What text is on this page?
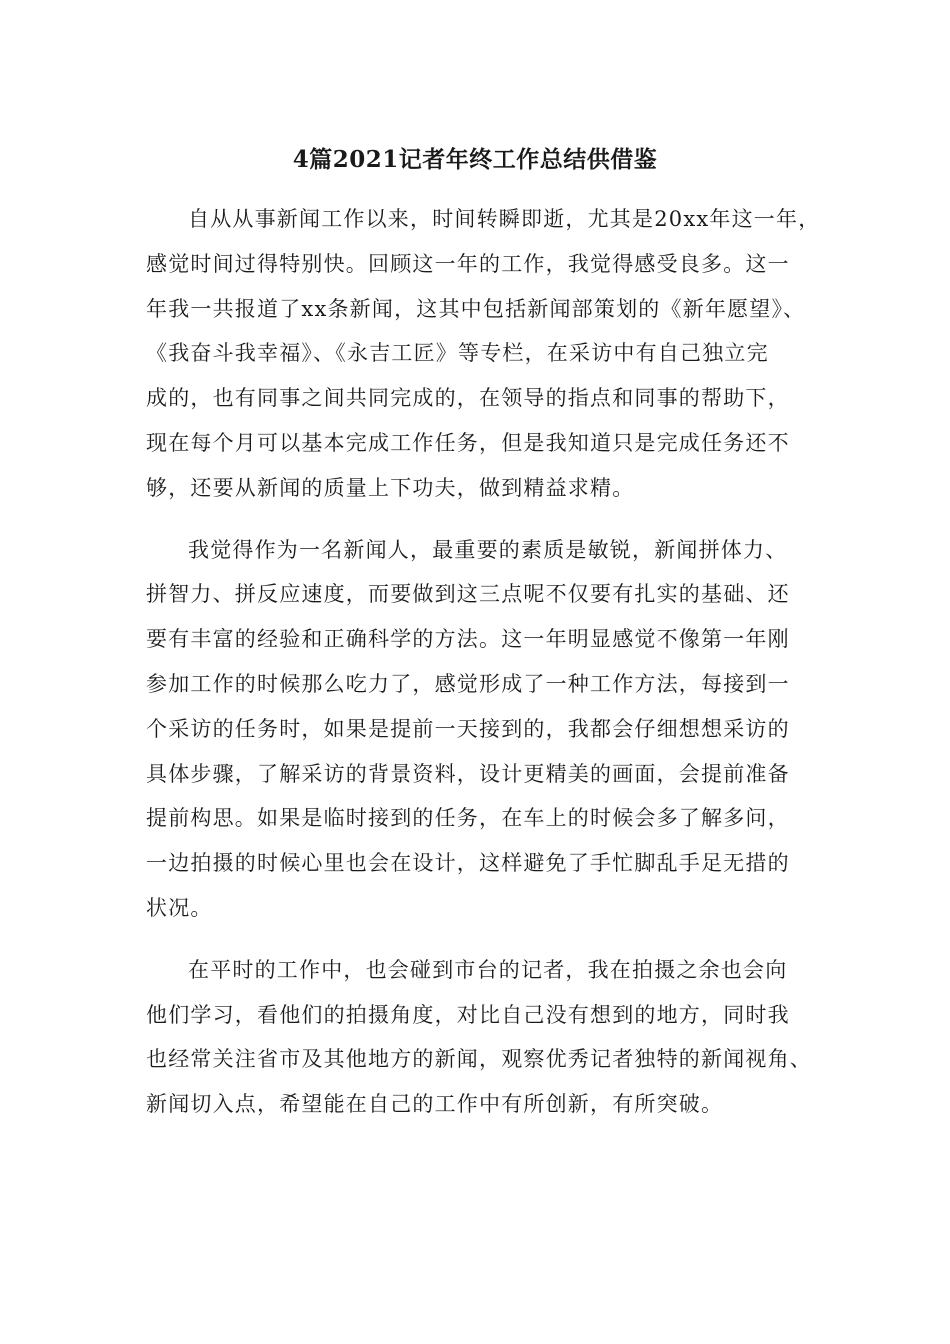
4篇2021记者年终工作总结供借鉴
自从从事新闻工作以来，时间转瞬即逝，尤其是20xx年这一年，
感觉时间过得特别快。回顾这一年的工作，我觉得感受良多。这一
年我一共报道了xx条新闻，这其中包括新闻部策划的《新年愿望》、
《我奋斗我幸福》、《永吉工匠》等专栏，在采访中有自己独立完
成的，也有同事之间共同完成的，在领导的指点和同事的帮助下，
现在每个月可以基本完成工作任务，但是我知道只是完成任务还不
够，还要从新闻的质量上下功夫，做到精益求精。
我觉得作为一名新闻人，最重要的素质是敏锐，新闻拼体力、
拼智力、拼反应速度，而要做到这三点呢不仅要有扎实的基础、还
要有丰富的经验和正确科学的方法。这一年明显感觉不像第一年刚
参加工作的时候那么吃力了，感觉形成了一种工作方法，每接到一
个采访的任务时，如果是提前一天接到的，我都会仔细想想采访的
具体步骤，了解采访的背景资料，设计更精美的画面，会提前准备
提前构思。如果是临时接到的任务，在车上的时候会多了解多问，
一边拍摄的时候心里也会在设计，这样避免了手忙脚乱手足无措的
状况。
在平时的工作中，也会碰到市台的记者，我在拍摄之余也会向
他们学习，看他们的拍摄角度，对比自己没有想到的地方，同时我
也经常关注省市及其他地方的新闻，观察优秀记者独特的新闻视角、
新闻切入点，希望能在自己的工作中有所创新，有所突破。
